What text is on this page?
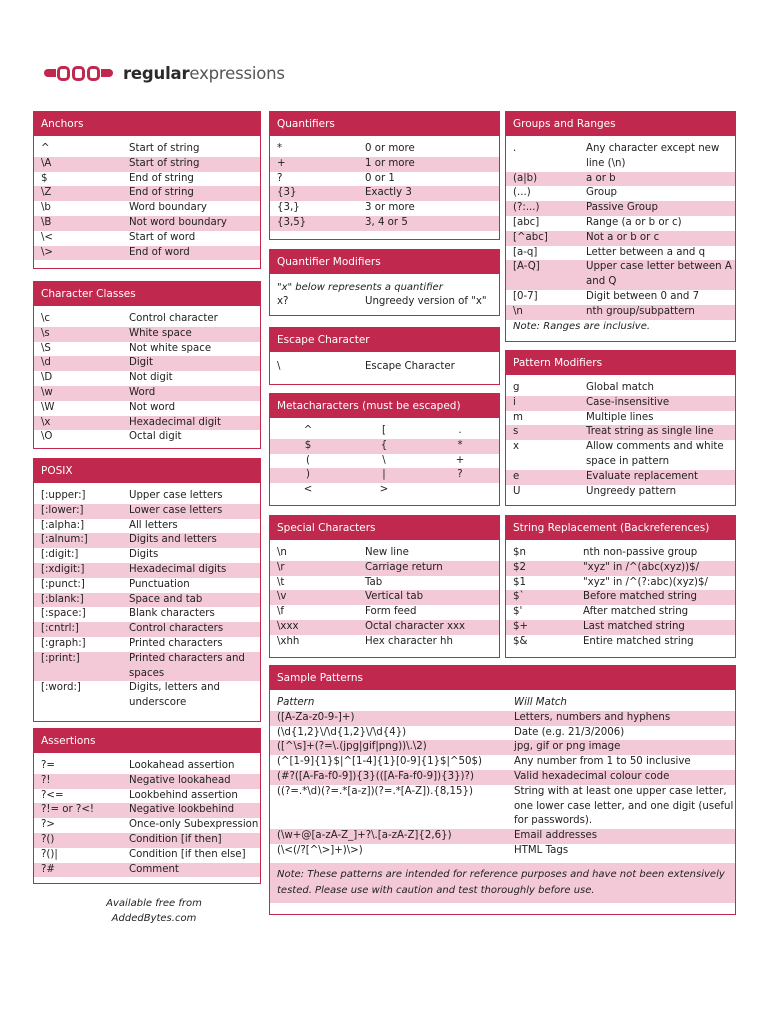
regularexpressions
Anchors
^	Start of string
\A	Start of string
$	End of string
\Z	End of string
\b	Word boundary
\B	Not word boundary
\<	Start of word
\>	End of word
Character Classes
\c	Control character
\s	White space
\S	Not white space
\d	Digit
\D	Not digit
\w	Word
\W	Not word
\x	Hexadecimal digit
\O	Octal digit
POSIX
[:upper:]	Upper case letters
[:lower:]	Lower case letters
[:alpha:]	All letters
[:alnum:]	Digits and letters
[:digit:]	Digits
[:xdigit:]	Hexadecimal digits
[:punct:]	Punctuation
[:blank:]	Space and tab
[:space:]	Blank characters
[:cntrl:]	Control characters
[:graph:]	Printed characters
[:print:]	Printed characters and spaces
[:word:]	Digits, letters and underscore
Assertions
?=	Lookahead assertion
?!	Negative lookahead
?<=	Lookbehind assertion
?!= or ?<!	Negative lookbehind
?>	Once-only Subexpression
?()	Condition [if then]
?()|	Condition [if then else]
?#	Comment
Available free from
AddedBytes.com
Quantifiers
*	0 or more
+	1 or more
?	0 or 1
{3}	Exactly 3
{3,}	3 or more
{3,5}	3, 4 or 5
Quantifier Modifiers
"x" below represents a quantifier
x?	Ungreedy version of "x"
Escape Character
\	Escape Character
Metacharacters (must be escaped)
^	[	.
$	{	*
(	\	+
)	|	?
<	>
Special Characters
\n	New line
\r	Carriage return
\t	Tab
\v	Vertical tab
\f	Form feed
\xxx	Octal character xxx
\xhh	Hex character hh
Groups and Ranges
.	Any character except new line (\n)
(a|b)	a or b
(...)	Group
(?:...)	Passive Group
[abc]	Range (a or b or c)
[^abc]	Not a or b or c
[a-q]	Letter between a and q
[A-Q]	Upper case letter between A and Q
[0-7]	Digit between 0 and 7
\n	nth group/subpattern
Note: Ranges are inclusive.
Pattern Modifiers
g	Global match
i	Case-insensitive
m	Multiple lines
s	Treat string as single line
x	Allow comments and white space in pattern
e	Evaluate replacement
U	Ungreedy pattern
String Replacement (Backreferences)
$n	nth non-passive group
$2	"xyz" in /^(abc(xyz))$/
$1	"xyz" in /^(?:abc)(xyz)$/
$`	Before matched string
$'	After matched string
$+	Last matched string
$&	Entire matched string
Sample Patterns
Pattern	Will Match
([A-Za-z0-9-]+)	Letters, numbers and hyphens
(\d{1,2}\/\d{1,2}\/\d{4})	Date (e.g. 21/3/2006)
([^\s]+(?=\.(jpg|gif|png))\.\2)	jpg, gif or png image
(^[1-9]{1}$|^[1-4]{1}[0-9]{1}$|^50$)	Any number from 1 to 50 inclusive
(#?([A-Fa-f0-9]){3}(([A-Fa-f0-9]){3})?)	Valid hexadecimal colour code
((?=.*\d)(?=.*[a-z])(?=.*[A-Z]).{8,15})	String with at least one upper case letter, one lower case letter, and one digit (useful for passwords).
(\w+@[a-zA-Z_]+?\.[a-zA-Z]{2,6})	Email addresses
(\<(/?[^\>]+)\>)	HTML Tags
Note: These patterns are intended for reference purposes and have not been extensively tested. Please use with caution and test thoroughly before use.
